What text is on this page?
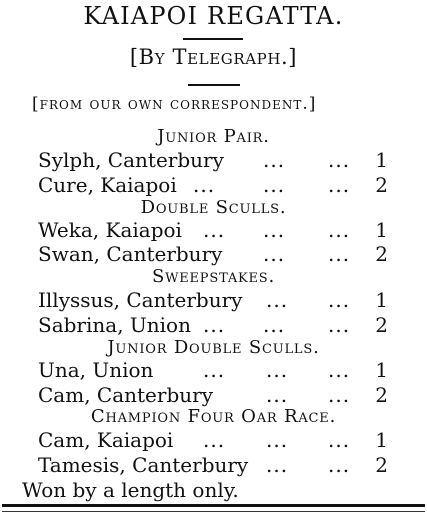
KAIAPOI REGATTA.
[By Telegraph.]
[from our own correspondent.]
Junior Pair.
Sylph, Canterbury ... ... 1
Cure, Kaiapoi ... ... ... 2
Double Sculls.
Weka, Kaiapoi ... ... ... 1
Swan, Canterbury ... ... 2
Sweepstakes.
Illyssus, Canterbury ... ... 1
Sabrina, Union ... ... ... 2
Junior Double Sculls.
Una, Union ... ... ... 1
Cam, Canterbury	... ... 2
Champion Four Oar Race.
Cam, Kaiapoi ... ... ... 1
Tamesis, Canterbury ... ... 2
Won by a length only.
